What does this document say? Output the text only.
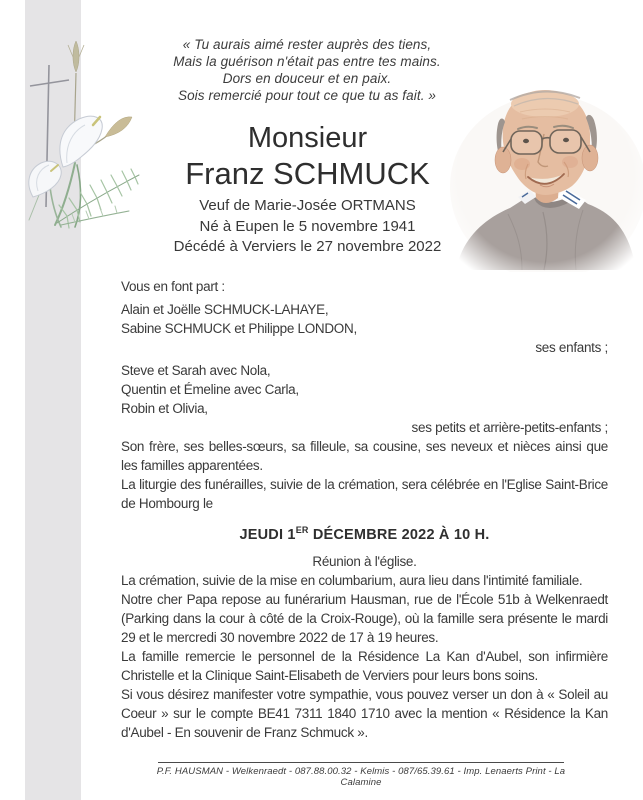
« Tu aurais aimé rester auprès des tiens,
Mais la guérison n'était pas entre tes mains.
Dors en douceur et en paix.
Sois remercié pour tout ce que tu as fait. »
Monsieur
Franz SCHMUCK
Veuf de Marie-Josée ORTMANS
Né à Eupen le 5 novembre 1941
Décédé à Verviers le 27 novembre 2022

Vous en font part :

Alain et Joëlle SCHMUCK-LAHAYE,
Sabine SCHMUCK et Philippe LONDON,

ses enfants ;

Steve et Sarah avec Nola,
Quentin et Émeline avec Carla,
Robin et Olivia,

ses petits et arrière-petits-enfants ;

Son frère, ses belles-sœurs, sa filleule, sa cousine, ses neveux et nièces ainsi que les familles apparentées.

La liturgie des funérailles, suivie de la crémation, sera célébrée en l'Eglise Saint-Brice de Hombourg le

JEUDI 1ER DÉCEMBRE 2022 À 10 H.

Réunion à l'église.

La crémation, suivie de la mise en columbarium, aura lieu dans l'intimité familiale.

Notre cher Papa repose au funérarium Hausman, rue de l'École 51b à Welkenraedt (Parking dans la cour à côté de la Croix-Rouge), où la famille sera présente le mardi 29 et le mercredi 30 novembre 2022 de 17 à 19 heures.

La famille remercie le personnel de la Résidence La Kan d'Aubel, son infirmière Christelle et la Clinique Saint-Elisabeth de Verviers pour leurs bons soins.

Si vous désirez manifester votre sympathie, vous pouvez verser un don à « Soleil au Coeur » sur le compte BE41 7311 1840 1710 avec la mention « Résidence la Kan d'Aubel - En souvenir de Franz Schmuck ».

P.F. HAUSMAN - Welkenraedt - 087.88.00.32 - Kelmis - 087/65.39.61 - Imp. Lenaerts Print - La Calamine
